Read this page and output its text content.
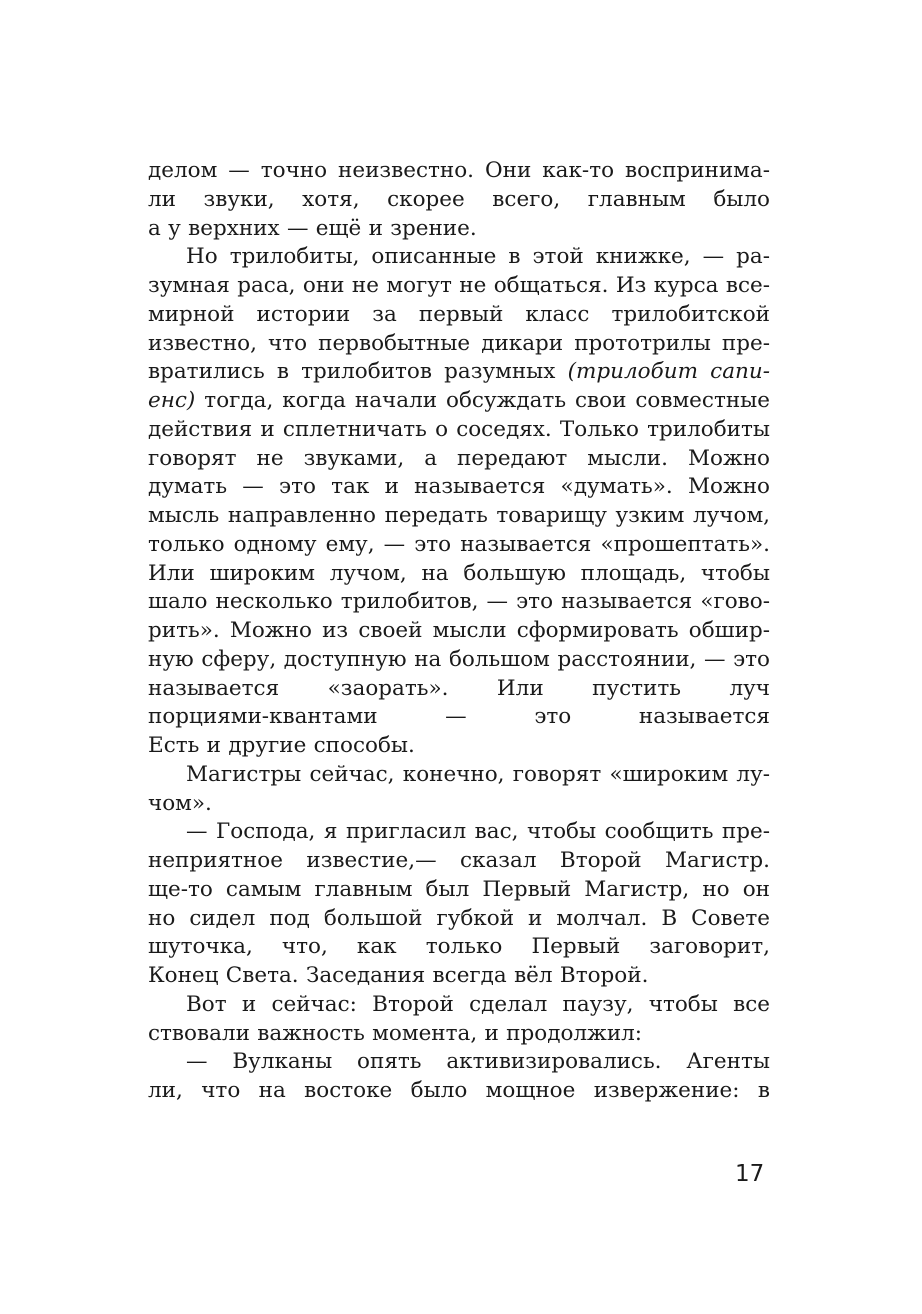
делом — точно неизвестно. Они как-то воспринима-
ли звуки, хотя, скорее всего, главным было
а у верхних — ещё и зрение.
Но трилобиты, описанные в этой книжке, — ра-
зумная раса, они не могут не общаться. Из курса все-
мирной истории за первый класс трилобитской
известно, что первобытные дикари прототрилы пре-
вратились в трилобитов разумных (трилобит сапи-
енс) тогда, когда начали обсуждать свои совместные
действия и сплетничать о соседях. Только трилобиты
говорят не звуками, а передают мысли. Можно
думать — это так и называется «думать». Можно
мысль направленно передать товарищу узким лучом,
только одному ему, — это называется «прошептать».
Или широким лучом, на большую площадь, чтобы
шало несколько трилобитов, — это называется «гово-
рить». Можно из своей мысли сформировать обшир-
ную сферу, доступную на большом расстоянии, — это
называется «заорать». Или пустить луч
порциями-квантами — это называется
Есть и другие способы.
Магистры сейчас, конечно, говорят «широким лу-
чом».
— Господа, я пригласил вас, чтобы сообщить пре-
неприятное известие,— сказал Второй Магистр.
ще-то самым главным был Первый Магистр, но он
но сидел под большой губкой и молчал. В Совете
шуточка, что, как только Первый заговорит,
Конец Света. Заседания всегда вёл Второй.
Вот и сейчас: Второй сделал паузу, чтобы все
ствовали важность момента, и продолжил:
— Вулканы опять активизировались. Агенты
ли, что на востоке было мощное извержение: в
17
